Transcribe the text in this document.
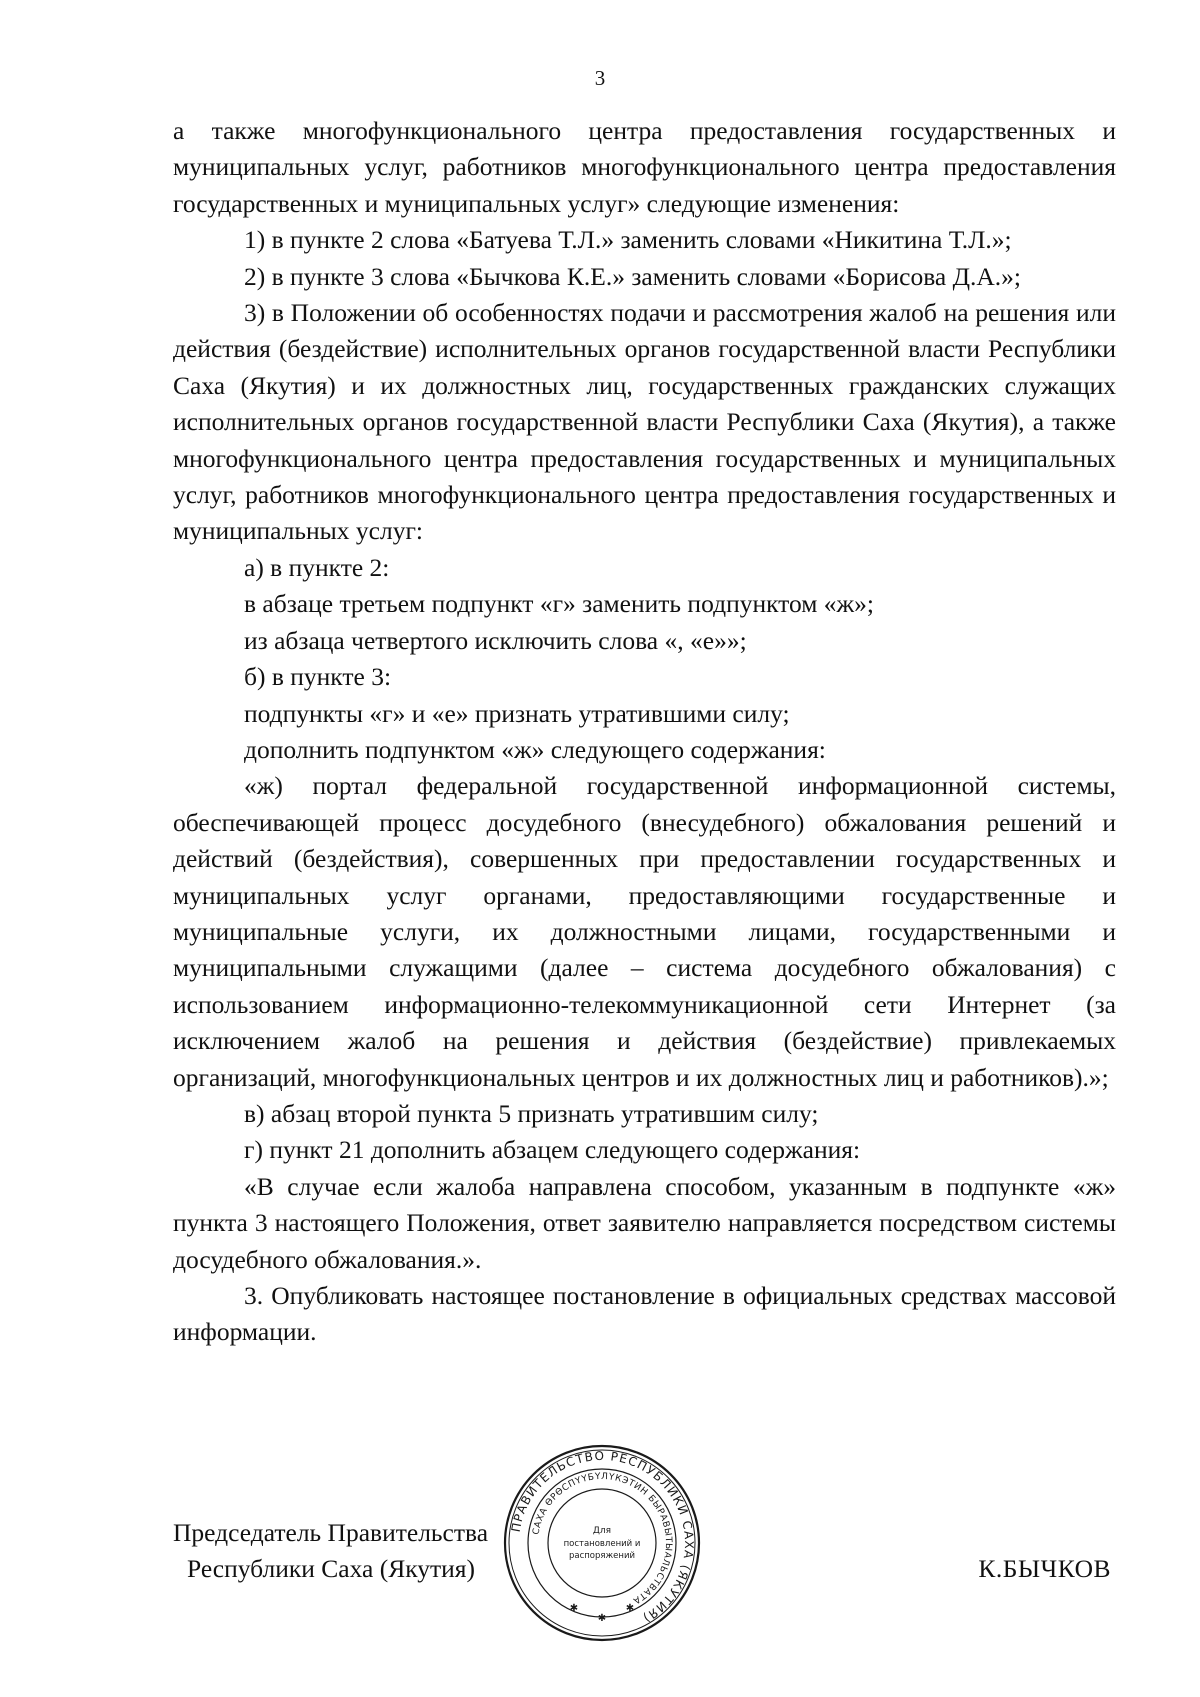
3

а также многофункционального центра предоставления государственных и муниципальных услуг, работников многофункционального центра предоставления государственных и муниципальных услуг» следующие изменения:

1) в пункте 2 слова «Батуева Т.Л.» заменить словами «Никитина Т.Л.»;

2) в пункте 3 слова «Бычкова К.Е.» заменить словами «Борисова Д.А.»;

3) в Положении об особенностях подачи и рассмотрения жалоб на решения или действия (бездействие) исполнительных органов государственной власти Республики Саха (Якутия) и их должностных лиц, государственных гражданских служащих исполнительных органов государственной власти Республики Саха (Якутия), а также многофункционального центра предоставления государственных и муниципальных услуг, работников многофункционального центра предоставления государственных и муниципальных услуг:

а) в пункте 2:

в абзаце третьем подпункт «г» заменить подпунктом «ж»;

из абзаца четвертого исключить слова «, «е»»;

б) в пункте 3:

подпункты «г» и «е» признать утратившими силу;

дополнить подпунктом «ж» следующего содержания:

«ж) портал федеральной государственной информационной системы, обеспечивающей процесс досудебного (внесудебного) обжалования решений и действий (бездействия), совершенных при предоставлении государственных и муниципальных услуг органами, предоставляющими государственные и муниципальные услуги, их должностными лицами, государственными и муниципальными служащими (далее – система досудебного обжалования) с использованием информационно-телекоммуникационной сети Интернет (за исключением жалоб на решения и действия (бездействие) привлекаемых организаций, многофункциональных центров и их должностных лиц и работников).»;

в) абзац второй пункта 5 признать утратившим силу;

г) пункт 21 дополнить абзацем следующего содержания:

«В случае если жалоба направлена способом, указанным в подпункте «ж» пункта 3 настоящего Положения, ответ заявителю направляется посредством системы досудебного обжалования.».

3. Опубликовать настоящее постановление в официальных средствах массовой информации.

Председатель Правительства
Республики Саха (Якутия)
ПРАВИТЕЛЬСТВО РЕСПУБЛИКИ САХА (ЯКУТИЯ)
САХА ӨРӨСПҮҮБҮЛҮКЭТИН БЫРАВЫТЫАЛЬСТВАТА
Для
постановлений и
распоряжений
✱
✱
✱
К.БЫЧКОВ
